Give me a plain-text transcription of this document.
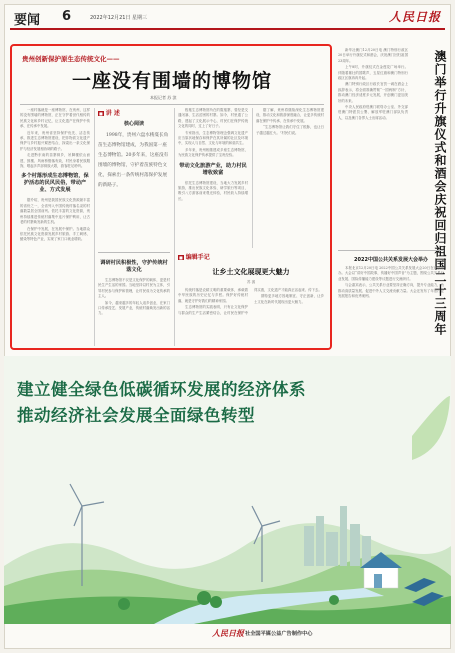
要闻 6	2022年12月21日 星期三	人民日报
贵州创新保护原生态传统文化——
一座没有围墙的博物馆
本报记者 苏 滨

一座村落就是一座博物馆，在贵州，这样的没有围墙的博物馆，正在守护着世代相传的民族文化和乡村记忆，让文化遗产在保护中传承、在传承中发展。

近年来，贵州省坚持保护优先、活态传承，推进生态博物馆建设，把非物质文化遗产保护与乡村振兴紧密结合，探索出一条文化保护与经济发展相协调的路子。

走进黔东南的苗寨侗乡，吊脚楼依山而建，鼓楼、风雨桥错落有致，村民身着民族服饰，唱起多声部侗族大歌，游客驻足聆听。

多个村落形成生态博物馆，保护活态的民风民俗，带动产业、方式发展

据介绍，贵州是我国民族文化资源最丰富的省份之一，全省列入中国传统村落名录的村落数量居全国前列。依托丰富的文化资源，贵州持续推进传统村落集中连片保护利用，让古老的村寨焕发新的生机。

在保护中发展，在发展中保护。当地群众依托民族文化资源发展乡村旅游、手工刺绣、蜡染等特色产业，实现了家门口就业增收。

■ 讲 述
核心阅读
1998年，贵州六盘水梭戛长角苗生态博物馆建成，为我国第一座生态博物馆。20多年来，这座没有围墙的博物馆，守护着苗族特色文化，探索出一条传统村落保护发展的新路子。
调研村民积极性，守护传统村落文化

生态博物馆不仅是文化保护的载体，更是村民生产生活的家园。当地坚持以村民为主体，引导村民参与保护和管理，让村民成为文化传承的主人。

如今，越来越多的年轻人返乡创业，在家门口传承技艺、发展产业，传统村落焕发出新的活力。

梭戛生态博物馆所在的陇戛寨，曾经是交通闭塞、生活贫困的村寨。如今，村里通了公路，建起了文化展示中心，村民们在保护传统文化的同时，过上了好日子。

专家指出，生态博物馆理念强调文化遗产应当原状地保存和保护在其所属的社区及环境中，实现人与自然、文化与环境的和谐共生。

多年来，贵州相继建成多座生态博物馆，为民族文化保护传承提供了宝贵经验。

带动文化旅游产业，助力村民增收致富

依托生态博物馆建设，当地大力发展乡村旅游，推出民族文化体验、研学旅行等项目，吸引八方游客前来观光体验，村民收入持续增长。

据了解，贵州将继续深化生态博物馆建设，推动文化和旅游深度融合，让更多传统村落在保护中传承、在传承中发展。

“生态博物馆让我们守住了根脉，也让日子越过越红火。”村民们说。

■ 编辑手记
让乡土文化展现更大魅力
苏 滨

传统村落是农耕文明的重要载体，承载着中华民族的历史记忆与乡愁。保护好传统村落，就是守护好我们的精神家园。

生态博物馆的实践表明，只有让文化保护与群众的生产生活紧密结合，让村民在保护中得实惠，文化遗产才能真正活起来、传下去。

期待更多地方因地制宜、守正创新，让乡土文化在新时代展现出更大魅力。

新华社澳门12月20日电 澳门特别行政区20日举行升旗仪式和酒会，庆祝澳门回归祖国23周年。

上午8时，升旗仪式在金莲花广场举行。伴随着雄壮的国歌声，五星红旗和澳门特别行政区区旗冉冉升起。

澳门特别行政区行政长官贺一诚在酒会上致辞表示，将全面准确贯彻“一国两制”方针，推动澳门经济适度多元发展，开创澳门更加美好的未来。

中央人民政府驻澳门联络办公室、外交部驻澳门特派员公署、解放军驻澳门部队负责人，以及澳门各界人士出席活动。	澳门举行升旗仪式和酒会庆祝回归祖国二十三周年
2022中国公共关系发展大会举办

本报北京12月20日电 2022中国公共关系发展大会20日在北京举办。大会以“讲好中国故事，传播好中国声音”为主题，围绕公共关系行业发展、国际传播能力建设等议题进行交流研讨。

与会嘉宾表示，公共关系行业要坚持正确方向，提升专业能力，为推动高质量发展、促进中外人文交流贡献力量。大会还发布了年度行业发展报告和优秀案例。

建立健全绿色低碳循环发展的经济体系
推动经济社会发展全面绿色转型
人民日报 社全国平媒公益广告制作中心
